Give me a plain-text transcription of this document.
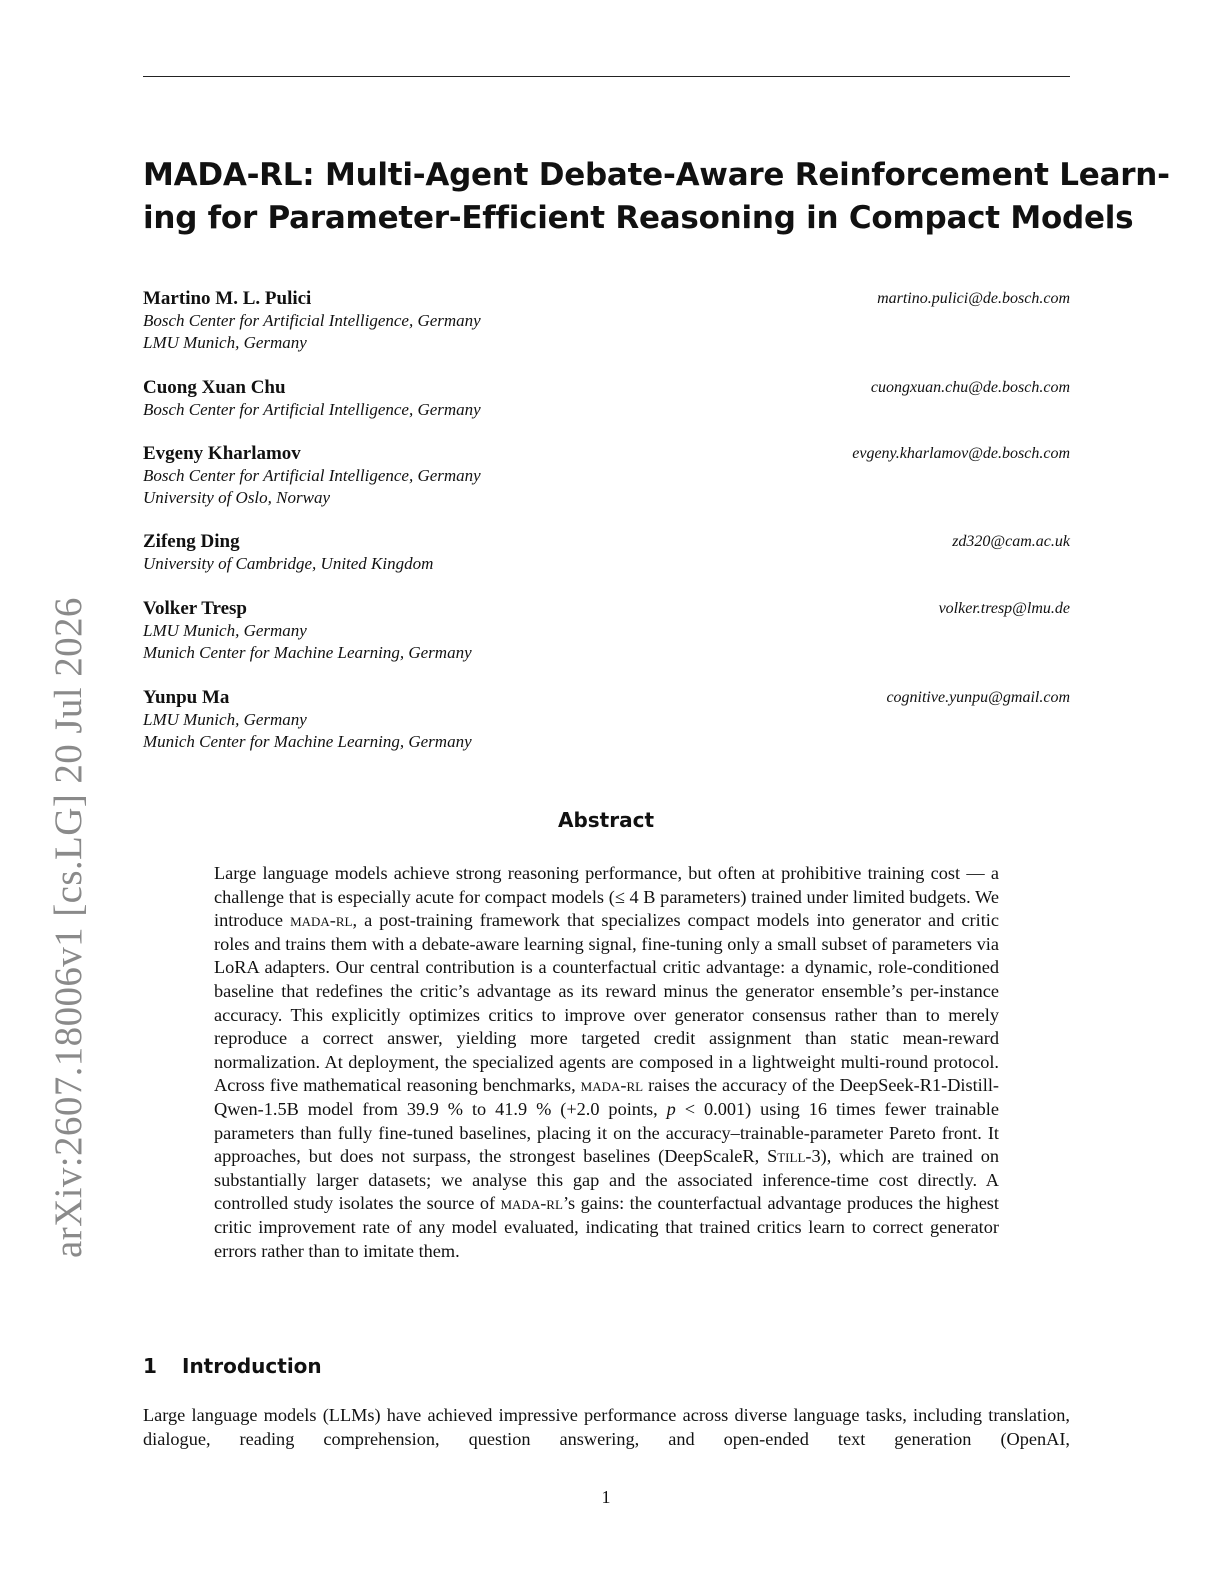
arXiv:2607.18006v1 [cs.LG] 20 Jul 2026
MADA-RL: Multi-Agent Debate-Aware Reinforcement Learn-
ing for Parameter-Efficient Reasoning in Compact Models
Martino M. L. Pulici	martino.pulici@de.bosch.com
Bosch Center for Artificial Intelligence, Germany
LMU Munich, Germany
Cuong Xuan Chu	cuongxuan.chu@de.bosch.com
Bosch Center for Artificial Intelligence, Germany
Evgeny Kharlamov	evgeny.kharlamov@de.bosch.com
Bosch Center for Artificial Intelligence, Germany
University of Oslo, Norway
Zifeng Ding	zd320@cam.ac.uk
University of Cambridge, United Kingdom
Volker Tresp	volker.tresp@lmu.de
LMU Munich, Germany
Munich Center for Machine Learning, Germany
Yunpu Ma	cognitive.yunpu@gmail.com
LMU Munich, Germany
Munich Center for Machine Learning, Germany
Abstract

Large language models achieve strong reasoning performance, but often at prohibitive training cost — a challenge that is especially acute for compact models (≤ 4 B parameters) trained under limited budgets. We introduce mada-rl, a post-training framework that specializes compact models into generator and critic roles and trains them with a debate-aware learning signal, fine-tuning only a small subset of parameters via LoRA adapters. Our central contribution is a counterfactual critic advantage: a dynamic, role-conditioned baseline that redefines the critic’s advantage as its reward minus the generator ensemble’s per-instance accuracy. This explicitly optimizes critics to improve over generator consensus rather than to merely reproduce a correct answer, yielding more targeted credit assignment than static mean-reward normalization. At deployment, the specialized agents are composed in a lightweight multi-round protocol. Across five mathematical reasoning benchmarks, mada-rl raises the accuracy of the DeepSeek-R1-Distill-Qwen-1.5B model from 39.9 % to 41.9 % (+2.0 points, p < 0.001) using 16 times fewer trainable parameters than fully fine-tuned baselines, placing it on the accuracy–trainable-parameter Pareto front. It approaches, but does not surpass, the strongest baselines (DeepScaleR, Still-3), which are trained on substantially larger datasets; we analyse this gap and the associated inference-time cost directly. A controlled study isolates the source of mada-rl’s gains: the counterfactual advantage produces the highest critic improvement rate of any model evaluated, indicating that trained critics learn to correct generator errors rather than to imitate them.

1 Introduction

Large language models (LLMs) have achieved impressive performance across diverse language tasks, including translation, dialogue, reading comprehension, question answering, and open-ended text generation (OpenAI,

1
